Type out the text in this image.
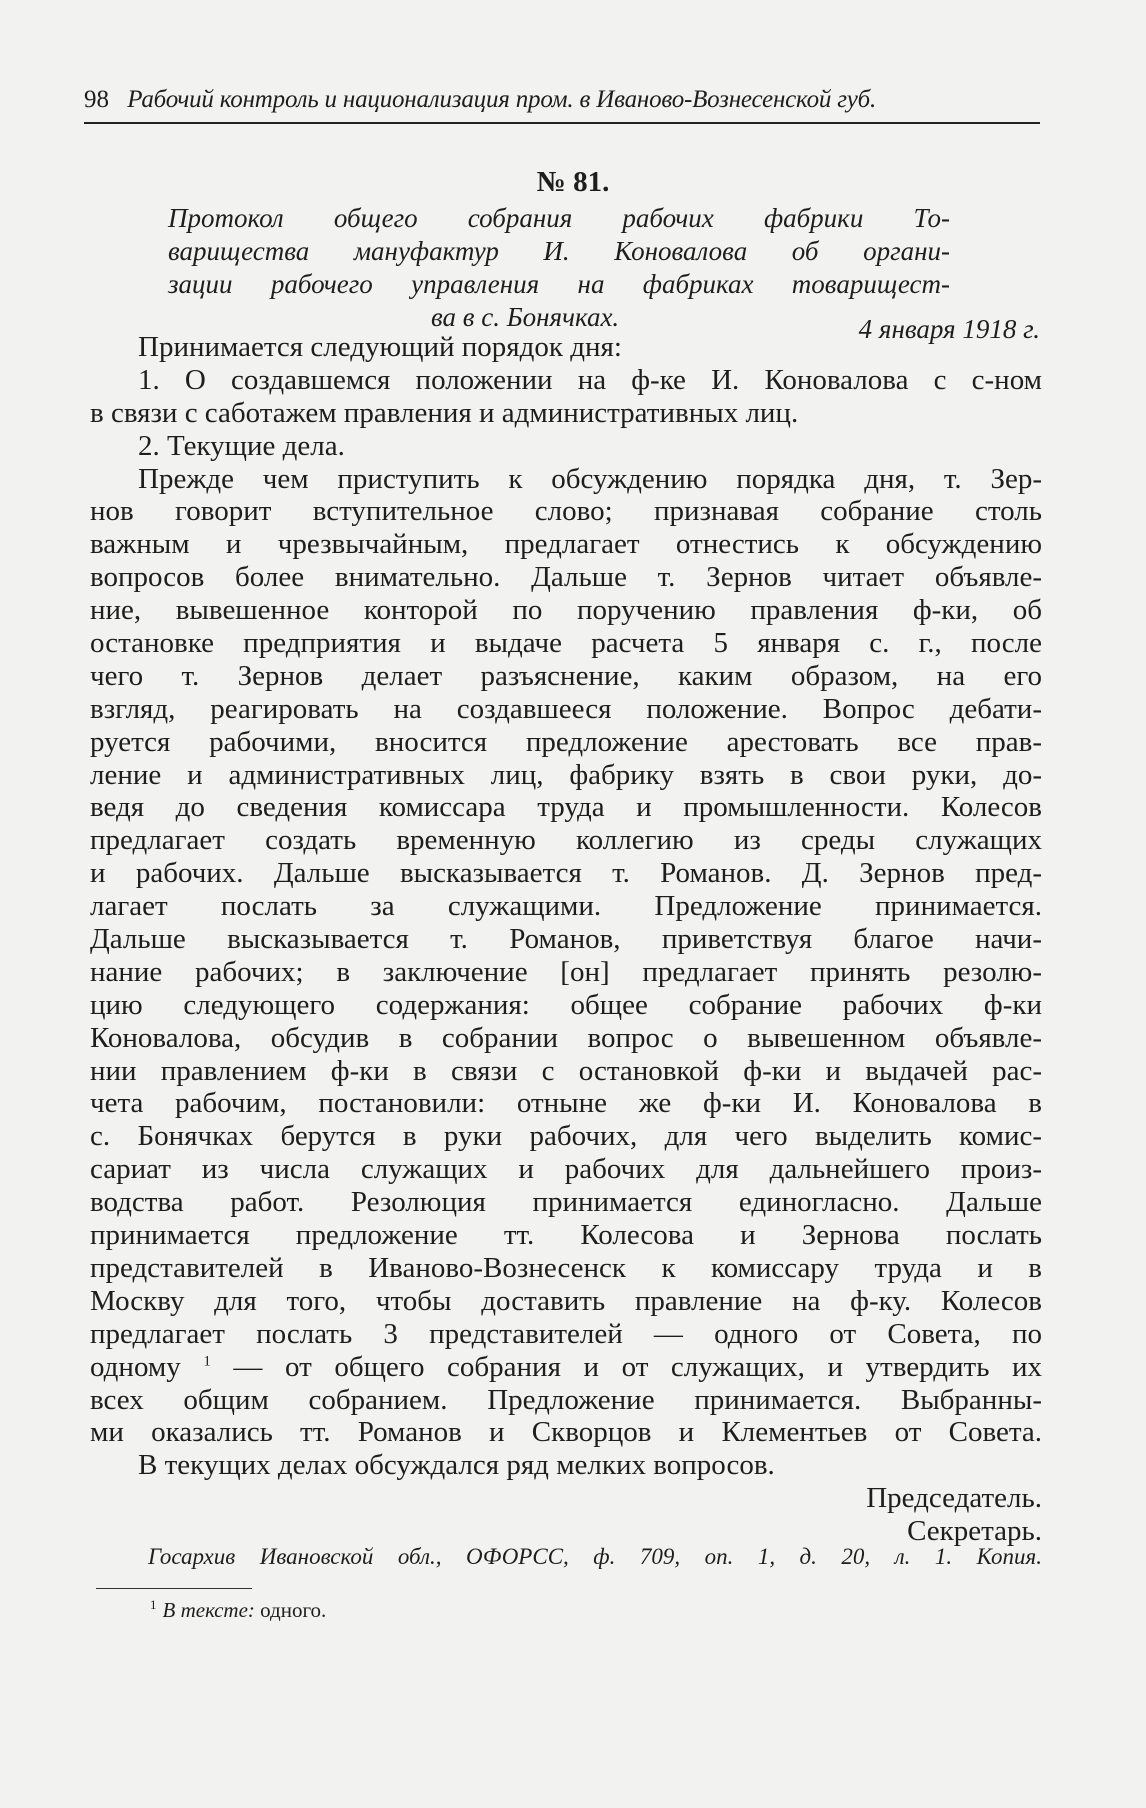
98 Рабочий контроль и национализация пром. в Иваново-Вознесенской губ.
№ 81.
Протокол общего собрания рабочих фабрики То-
варищества мануфактур И. Коновалова об органи-
зации рабочего управления на фабриках товарищест-
ва в с. Бонячках.	4 января 1918 г.
Принимается следующий порядок дня:
1. О создавшемся положении на ф-ке И. Коновалова с с-ном
в связи с саботажем правления и административных лиц.
2. Текущие дела.
Прежде чем приступить к обсуждению порядка дня, т. Зер-
нов говорит вступительное слово; признавая собрание столь
важным и чрезвычайным, предлагает отнестись к обсуждению
вопросов более внимательно. Дальше т. Зернов читает объявле-
ние, вывешенное конторой по поручению правления ф-ки, об
остановке предприятия и выдаче расчета 5 января с. г., после
чего т. Зернов делает разъяснение, каким образом, на его
взгляд, реагировать на создавшееся положение. Вопрос дебати-
руется рабочими, вносится предложение арестовать все прав-
ление и административных лиц, фабрику взять в свои руки, до-
ведя до сведения комиссара труда и промышленности. Колесов
предлагает создать временную коллегию из среды служащих
и рабочих. Дальше высказывается т. Романов. Д. Зернов пред-
лагает послать за служащими. Предложение принимается.
Дальше высказывается т. Романов, приветствуя благое начи-
нание рабочих; в заключение [он] предлагает принять резолю-
цию следующего содержания: общее собрание рабочих ф-ки
Коновалова, обсудив в собрании вопрос о вывешенном объявле-
нии правлением ф-ки в связи с остановкой ф-ки и выдачей рас-
чета рабочим, постановили: отныне же ф-ки И. Коновалова в
с. Бонячках берутся в руки рабочих, для чего выделить комис-
сариат из числа служащих и рабочих для дальнейшего произ-
водства работ. Резолюция принимается единогласно. Дальше
принимается предложение тт. Колесова и Зернова послать
представителей в Иваново-Вознесенск к комиссару труда и в
Москву для того, чтобы доставить правление на ф-ку. Колесов
предлагает послать 3 представителей — одного от Совета, по
одному $^1$ — от общего собрания и от служащих, и утвердить их
всех общим собранием. Предложение принимается. Выбранны-
ми оказались тт. Романов и Скворцов и Клементьев от Совета.
В текущих делах обсуждался ряд мелких вопросов.
Председатель.
Секретарь.
Госархив Ивановской обл., ОФОРСС, ф. 709, оп. 1, д. 20, л. 1. Копия.
$^1$ В тексте: одного.
